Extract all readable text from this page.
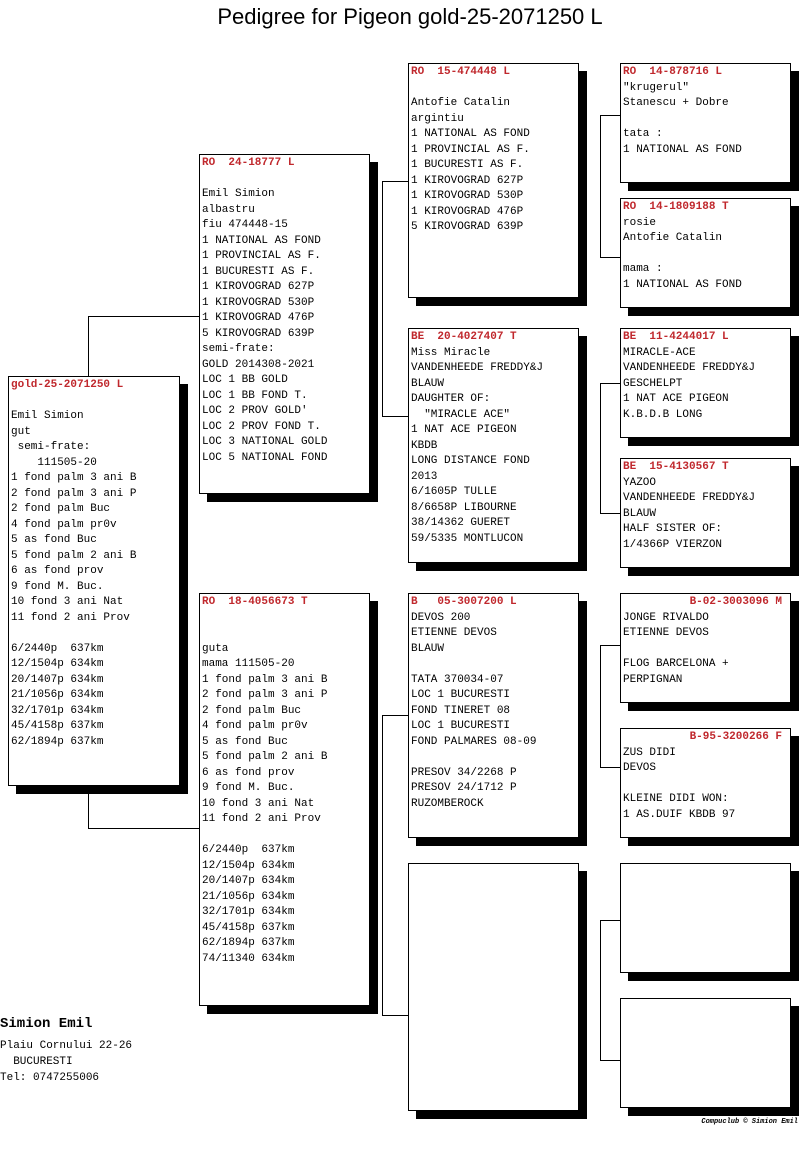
Pedigree for Pigeon gold-25-2071250 L
gold-25-2071250 L
Emil Simion
gut
semi-frate:
111505-20
1 fond palm 3 ani B
2 fond palm 3 ani P
2 fond palm Buc
4 fond palm pr0v
5 as fond Buc
5 fond palm 2 ani B
6 as fond prov
9 fond M. Buc.
10 fond 3 ani Nat
11 fond 2 ani Prov
6/2440p  637km
12/1504p 634km
20/1407p 634km
21/1056p 634km
32/1701p 634km
45/4158p 637km
62/1894p 637km
RO  24-18777 L
Emil Simion
albastru
fiu 474448-15
1 NATIONAL AS FOND
1 PROVINCIAL AS F.
1 BUCURESTI AS F.
1 KIROVOGRAD 627P
1 KIROVOGRAD 530P
1 KIROVOGRAD 476P
5 KIROVOGRAD 639P
semi-frate:
GOLD 2014308-2021
LOC 1 BB GOLD
LOC 1 BB FOND T.
LOC 2 PROV GOLD'
LOC 2 PROV FOND T.
LOC 3 NATIONAL GOLD
LOC 5 NATIONAL FOND
RO  18-4056673 T
guta
mama 111505-20
1 fond palm 3 ani B
2 fond palm 3 ani P
2 fond palm Buc
4 fond palm pr0v
5 as fond Buc
5 fond palm 2 ani B
6 as fond prov
9 fond M. Buc.
10 fond 3 ani Nat
11 fond 2 ani Prov
6/2440p  637km
12/1504p 634km
20/1407p 634km
21/1056p 634km
32/1701p 634km
45/4158p 637km
62/1894p 637km
74/11340 634km
RO  15-474448 L
Antofie Catalin
argintiu
1 NATIONAL AS FOND
1 PROVINCIAL AS F.
1 BUCURESTI AS F.
1 KIROVOGRAD 627P
1 KIROVOGRAD 530P
1 KIROVOGRAD 476P
5 KIROVOGRAD 639P
BE  20-4027407 T
Miss Miracle
VANDENHEEDE FREDDY&J
BLAUW
DAUGHTER OF:
"MIRACLE ACE"
1 NAT ACE PIGEON
KBDB
LONG DISTANCE FOND
2013
6/1605P TULLE
8/6658P LIBOURNE
38/14362 GUERET
59/5335 MONTLUCON
B   05-3007200 L
DEVOS 200
ETIENNE DEVOS
BLAUW
TATA 370034-07
LOC 1 BUCURESTI
FOND TINERET 08
LOC 1 BUCURESTI
FOND PALMARES 08-09
PRESOV 34/2268 P
PRESOV 24/1712 P
RUZOMBEROCK
RO  14-878716 L
"krugerul"
Stanescu + Dobre
tata :
1 NATIONAL AS FOND
RO  14-1809188 T
rosie
Antofie Catalin
mama :
1 NATIONAL AS FOND
BE  11-4244017 L
MIRACLE-ACE
VANDENHEEDE FREDDY&J
GESCHELPT
1 NAT ACE PIGEON
K.B.D.B LONG
BE  15-4130567 T
YAZOO
VANDENHEEDE FREDDY&J
BLAUW
HALF SISTER OF:
1/4366P VIERZON
B-02-3003096 M
JONGE RIVALDO
ETIENNE DEVOS
FLOG BARCELONA +
PERPIGNAN
B-95-3200266 F
ZUS DIDI
DEVOS
KLEINE DIDI WON:
1 AS.DUIF KBDB 97
Simion Emil
Plaiu Cornului 22-26
BUCURESTI
Tel: 0747255006
Compuclub © Simion Emil
